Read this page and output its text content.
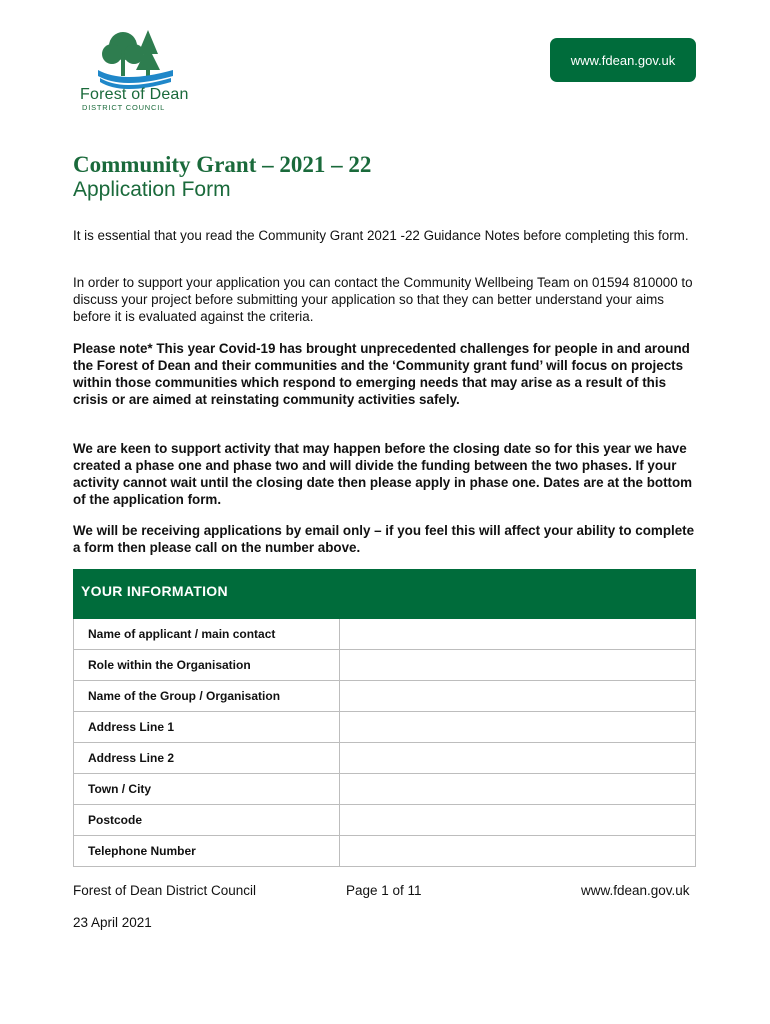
Forest of Dean
DISTRICT COUNCIL
www.fdean.gov.uk
Community Grant – 2021 – 22
Application Form

It is essential that you read the Community Grant 2021 -22 Guidance Notes before completing this form.

In order to support your application you can contact the Community Wellbeing Team on 01594 810000 to discuss your project before submitting your application so that they can better understand your aims before it is evaluated against the criteria.

Please note* This year Covid-19 has brought unprecedented challenges for people in and around the Forest of Dean and their communities and the ‘Community grant fund’ will focus on projects within those communities which respond to emerging needs that may arise as a result of this crisis or are aimed at reinstating community activities safely.

We are keen to support activity that may happen before the closing date so for this year we have created a phase one and phase two and will divide the funding between the two phases. If your activity cannot wait until the closing date then please apply in phase one. Dates are at the bottom of the application form.

We will be receiving applications by email only – if you feel this will affect your ability to complete a form then please call on the number above.

YOUR INFORMATION	
Name of applicant / main contact	
Role within the Organisation	
Name of the Group / Organisation	
Address Line 1	
Address Line 2	
Town / City	
Postcode	
Telephone Number	
Forest of Dean District Council	Page 1 of 11	www.fdean.gov.uk
23 April 2021
